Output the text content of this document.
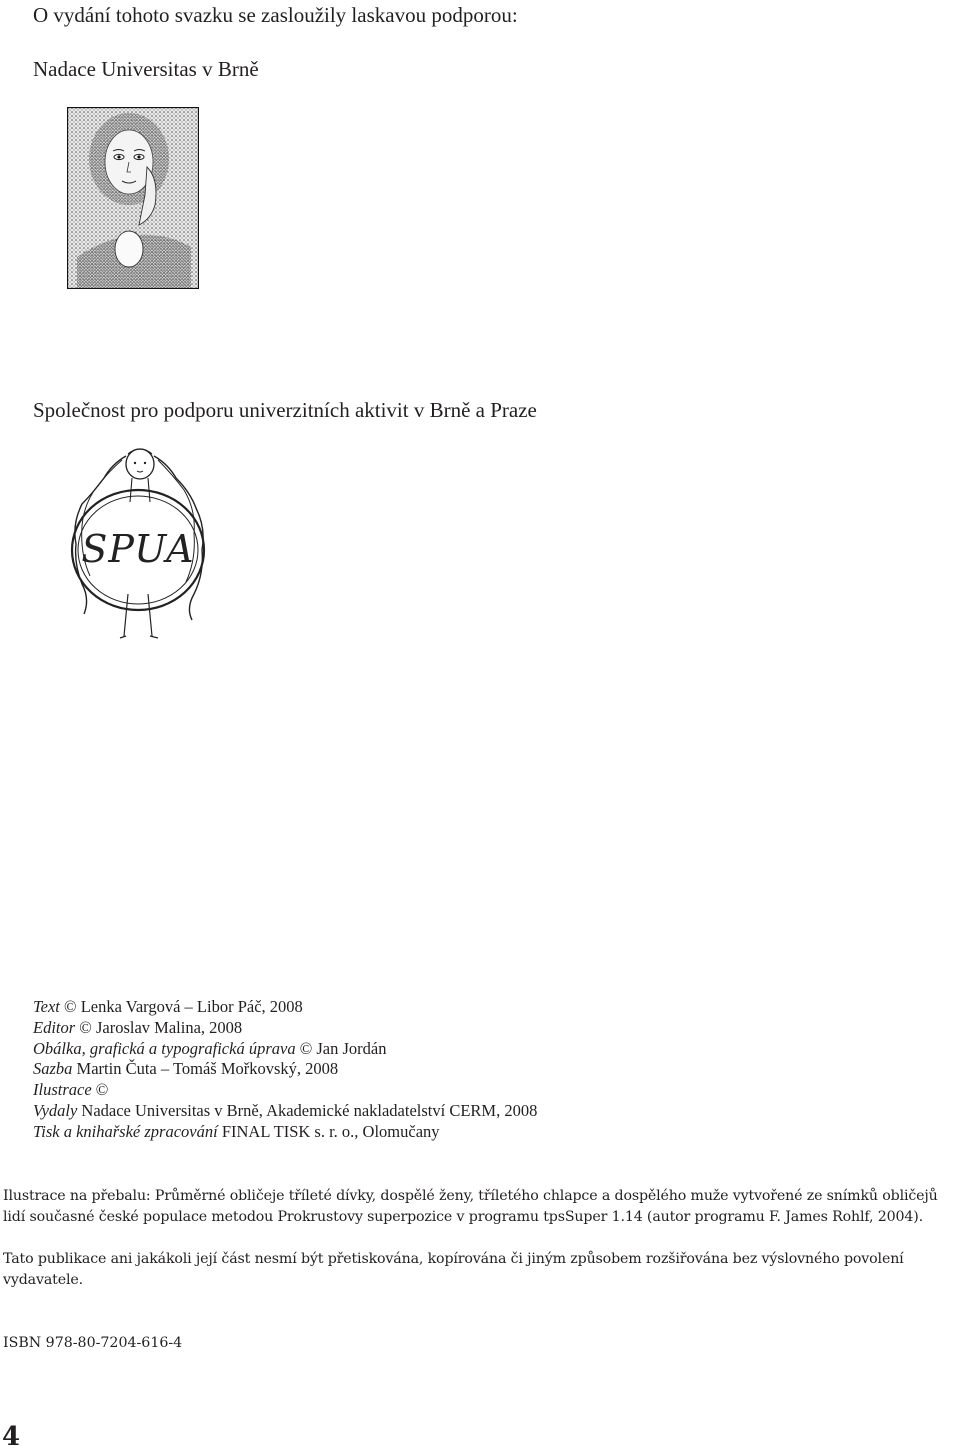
O vydání tohoto svazku se zasloužily laskavou podporou:
Nadace Universitas v Brně
Společnost pro podporu univerzitních aktivit v Brně a Praze
SPUA
Text © Lenka Vargová – Libor Páč, 2008
Editor © Jaroslav Malina, 2008
Obálka, grafická a typografická úprava © Jan Jordán
Sazba Martin Čuta – Tomáš Mořkovský, 2008
Ilustrace ©
Vydaly Nadace Universitas v Brně, Akademické nakladatelství CERM, 2008
Tisk a knihařské zpracování FINAL TISK s. r. o., Olomučany
Ilustrace na přebalu: Průměrné obličeje tříleté dívky, dospělé ženy, tříletého chlapce a dospělého muže vytvořené ze snímků obličejů lidí současné české populace metodou Prokrustovy superpozice v programu tpsSuper 1.14 (autor programu F. James Rohlf, 2004).
Tato publikace ani jakákoli její část nesmí být přetiskována, kopírována či jiným způsobem rozšiřována bez výslovného povolení vydavatele.
ISBN 978-80-7204-616-4
4
